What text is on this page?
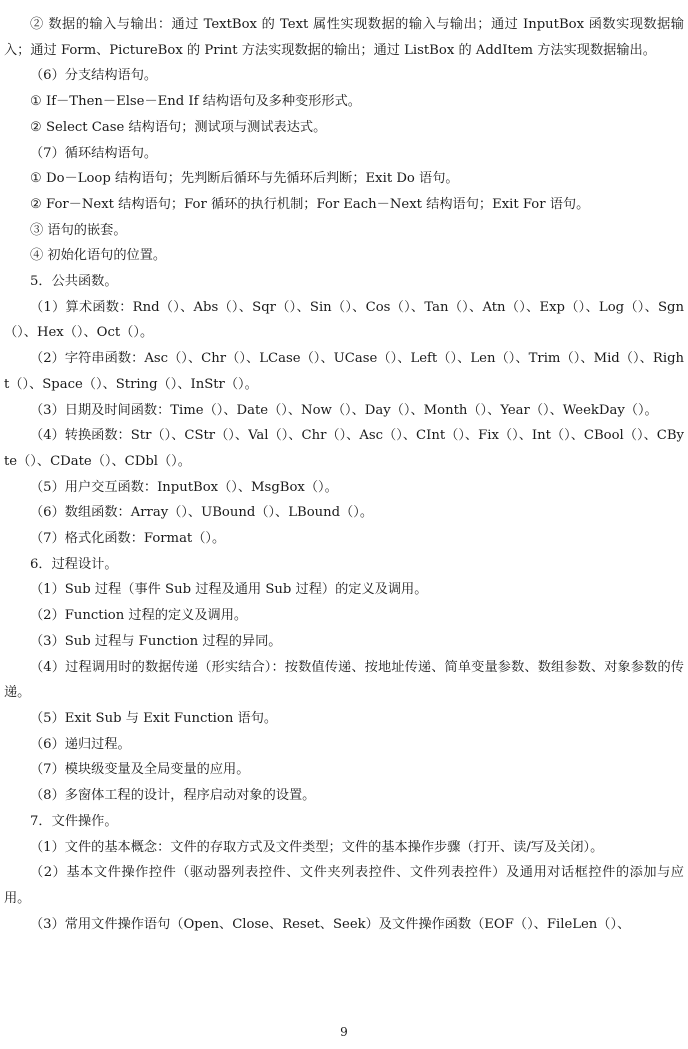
② 数据的输入与输出：通过 TextBox 的 Text 属性实现数据的输入与输出；通过 InputBox 函数实现数据输入；通过 Form、PictureBox 的 Print 方法实现数据的输出；通过 ListBox 的 AddItem 方法实现数据输出。

（6）分支结构语句。

① If－Then－Else－End If 结构语句及多种变形形式。

② Select Case 结构语句；测试项与测试表达式。

（7）循环结构语句。

① Do－Loop 结构语句；先判断后循环与先循环后判断；Exit Do 语句。

② For－Next 结构语句；For 循环的执行机制；For Each－Next 结构语句；Exit For 语句。

③ 语句的嵌套。

④ 初始化语句的位置。

5．公共函数。

（1）算术函数：Rnd（）、Abs（）、Sqr（）、Sin（）、Cos（）、Tan（）、Atn（）、Exp（）、Log（）、Sgn（）、Hex（）、Oct（）。

（2）字符串函数：Asc（）、Chr（）、LCase（）、UCase（）、Left（）、Len（）、Trim（）、Mid（）、Right（）、Space（）、String（）、InStr（）。

（3）日期及时间函数：Time（）、Date（）、Now（）、Day（）、Month（）、Year（）、WeekDay（）。

（4）转换函数：Str（）、CStr（）、Val（）、Chr（）、Asc（）、CInt（）、Fix（）、Int（）、CBool（）、CByte（）、CDate（）、CDbl（）。

（5）用户交互函数：InputBox（）、MsgBox（）。

（6）数组函数：Array（）、UBound（）、LBound（）。

（7）格式化函数：Format（）。

6．过程设计。

（1）Sub 过程（事件 Sub 过程及通用 Sub 过程）的定义及调用。

（2）Function 过程的定义及调用。

（3）Sub 过程与 Function 过程的异同。

（4）过程调用时的数据传递（形实结合）：按数值传递、按地址传递、简单变量参数、数组参数、对象参数的传递。

（5）Exit Sub 与 Exit Function 语句。

（6）递归过程。

（7）模块级变量及全局变量的应用。

（8）多窗体工程的设计，程序启动对象的设置。

7．文件操作。

（1）文件的基本概念：文件的存取方式及文件类型；文件的基本操作步骤（打开、读/写及关闭）。

（2）基本文件操作控件（驱动器列表控件、文件夹列表控件、文件列表控件）及通用对话框控件的添加与应用。

（3）常用文件操作语句（Open、Close、Reset、Seek）及文件操作函数（EOF（）、FileLen（）、

9
